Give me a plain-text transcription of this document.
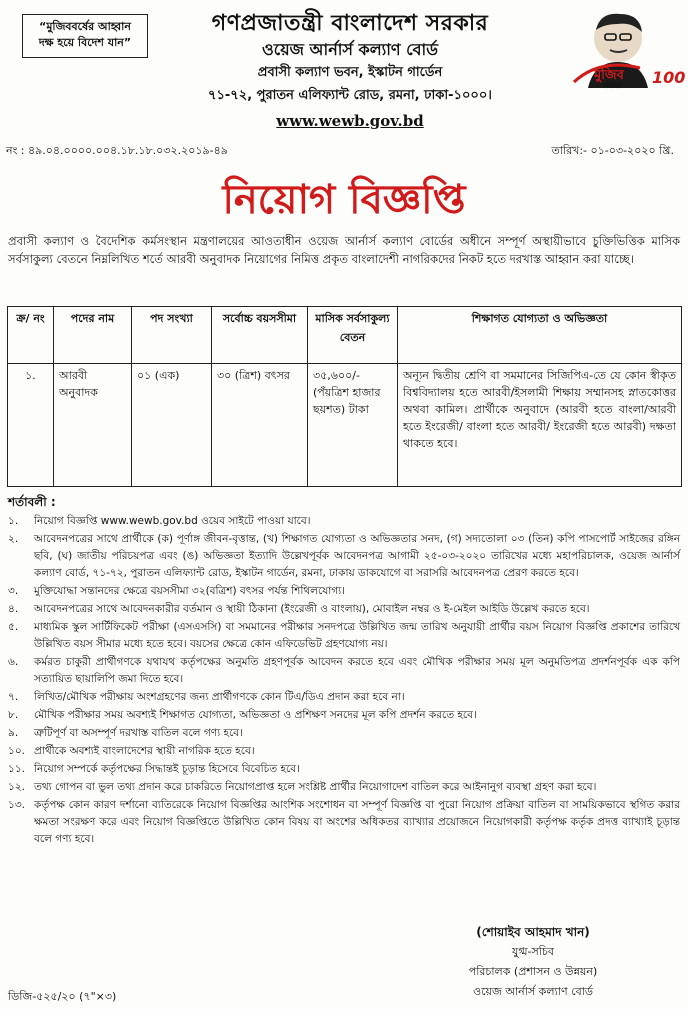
“মুজিববর্ষের আহ্বান
দক্ষ হয়ে বিদেশ যান”
গণপ্রজাতন্ত্রী বাংলাদেশ সরকার
ওয়েজ আর্নার্স কল্যাণ বোর্ড
প্রবাসী কল্যাণ ভবন, ইস্কাটন গার্ডেন
৭১-৭২, পুরাতন এলিফ্যান্ট রোড, রমনা, ঢাকা-১০০০।
www.wewb.gov.bd
মুজিব
শতবর্ষ 100
নং : ৪৯.০৪.০০০০.০০৪.১৮.১৮.০৩২.২০১৯-৪৯	তারিখ:- ০১-০৩-২০২০ খ্রি.
নিয়োগ বিজ্ঞপ্তি
প্রবাসী কল্যাণ ও বৈদেশিক কর্মসংস্থান মন্ত্রণালয়ের আওতাধীন ওয়েজ আর্নার্স কল্যাণ বোর্ডের অধীনে সম্পূর্ণ অস্থায়ীভাবে চুক্তিভিত্তিক মাসিক সর্বসাকুল্য বেতনে নিম্নলিখিত শর্তে আরবী অনুবাদক নিয়োগের নিমিত্ত প্রকৃত বাংলাদেশী নাগরিকদের নিকট হতে দরখাস্ত আহ্বান করা যাচ্ছে।
ক্র/ নং	পদের নাম	পদ সংখ্যা	সর্বোচ্চ বয়সসীমা	মাসিক সর্বসাকুল্য বেতন	শিক্ষাগত যোগ্যতা ও অভিজ্ঞতা
১.	আরবী অনুবাদক	০১ (এক)	৩০ (ত্রিশ) বৎসর	৩৫,৬০০/- (পঁয়ত্রিশ হাজার ছয়শত) টাকা	অন্যূন দ্বিতীয় শ্রেণি বা সমমানের সিজিপিএ-তে যে কোন স্বীকৃত বিশ্ববিদ্যালয় হতে আরবী/ইসলামী শিক্ষায় সম্মানসহ স্নাতকোত্তর অথবা কামিল। প্রার্থীকে অনুবাদে (আরবী হতে বাংলা/আরবী হতে ইংরেজী/ বাংলা হতে আরবী/ ইংরেজী হতে আরবী) দক্ষতা থাকতে হবে।
শর্তাবলী :
১.	নিয়োগ বিজ্ঞপ্তি www.wewb.gov.bd ওয়েব সাইটে পাওয়া যাবে।
২.	আবেদনপত্রের সাথে প্রার্থীকে (ক) পূর্ণাঙ্গ জীবন-বৃত্তান্ত, (খ) শিক্ষাগত যোগ্যতা ও অভিজ্ঞতার সনদ, (গ) সদ্যতোলা ০৩ (তিন) কপি পাসপোর্ট সাইজের রঙ্গিন ছবি, (ঘ) জাতীয় পরিচয়পত্র এবং (ঙ) অভিজ্ঞতা ইত্যাদি উল্লেখপূর্বক আবেদনপত্র আগামী ২৫-০৩-২০২০ তারিখের মধ্যে মহাপরিচালক, ওয়েজ আর্নার্স কল্যাণ বোর্ড, ৭১-৭২, পুরাতন এলিফ্যান্ট রোড, ইস্কাটন গার্ডেন, রমনা, ঢাকায় ডাকযোগে বা সরাসরি আবেদনপত্র প্রেরণ করতে হবে।
৩.	মুক্তিযোদ্ধা সন্তানদের ক্ষেত্রে বয়সসীমা ৩২(বত্রিশ) বৎসর পর্যন্ত শিথিলযোগ্য।
৪.	আবেদনপত্রের সাথে আবেদনকারীর বর্তমান ও স্থায়ী ঠিকানা (ইংরেজী ও বাংলায়), মোবাইল নম্বর ও ই-মেইল আইডি উল্লেখ করতে হবে।
৫.	মাধ্যমিক স্কুল সার্টিফিকেট পরীক্ষা (এসএসসি) বা সমমানের পরীক্ষার সনদপত্রে উল্লিখিত জন্ম তারিখ অনুযায়ী প্রার্থীর বয়স নিয়োগ বিজ্ঞপ্তি প্রকাশের তারিখে উল্লিখিত বয়স সীমার মধ্যে হতে হবে। বয়সের ক্ষেত্রে কোন এফিডেভিট গ্রহণযোগ্য নয়।
৬.	কর্মরত চাকুরী প্রার্থীগণকে যথাযথ কর্তৃপক্ষের অনুমতি গ্রহণপূর্বক আবেদন করতে হবে এবং মৌখিক পরীক্ষার সময় মূল অনুমতিপত্র প্রদর্শনপূর্বক এক কপি সত্যায়িত ছায়ালিপি জমা দিতে হবে।
৭.	লিখিত/মৌখিক পরীক্ষায় অংশগ্রহণের জন্য প্রার্থীগণকে কোন টিএ/ডিএ প্রদান করা হবে না।
৮.	মৌখিক পরীক্ষার সময় অবশ্যই শিক্ষাগত যোগ্যতা, অভিজ্ঞতা ও প্রশিক্ষণ সনদের মূল কপি প্রদর্শন করতে হবে।
৯.	ত্রুটিপূর্ণ বা অসম্পূর্ণ দরখাস্ত বাতিল বলে গণ্য হবে।
১০. প্রার্থীকে অবশ্যই বাংলাদেশের স্থায়ী নাগরিক হতে হবে।
১১. নিয়োগ সম্পর্কে কর্তৃপক্ষের সিদ্ধান্তই চূড়ান্ত হিসেবে বিবেচিত হবে।
১২. তথ্য গোপন বা ভুল তথ্য প্রদান করে চাকরিতে নিয়োগপ্রাপ্ত হলে সংশ্লিষ্ট প্রার্থীর নিয়োগাদেশ বাতিল করে আইনানুগ ব্যবস্থা গ্রহণ করা হবে।
১৩. কর্তৃপক্ষ কোন কারণ দর্শানো ব্যতিরেকে নিয়োগ বিজ্ঞপ্তির আংশিক সংশোধন বা সম্পূর্ণ বিজ্ঞপ্তি বা পুরো নিয়োগ প্রক্রিয়া বাতিল বা সাময়িকভাবে স্থগিত করার ক্ষমতা সংরক্ষণ করে এবং নিয়োগ বিজ্ঞপ্তিতে উল্লিখিত কোন বিষয় বা অংশের অধিকতর ব্যাখ্যার প্রয়োজনে নিয়োগকারী কর্তৃপক্ষ কর্তৃক প্রদত্ত ব্যাখ্যাই চূড়ান্ত বলে গণ্য হবে।
(শোয়াইব আহমাদ খান)
যুগ্ম-সচিব
পরিচালক (প্রশাসন ও উন্নয়ন)
ওয়েজ আর্নার্স কল্যাণ বোর্ড
ডিজি-৫২৫/২০ (৭"×৩)
